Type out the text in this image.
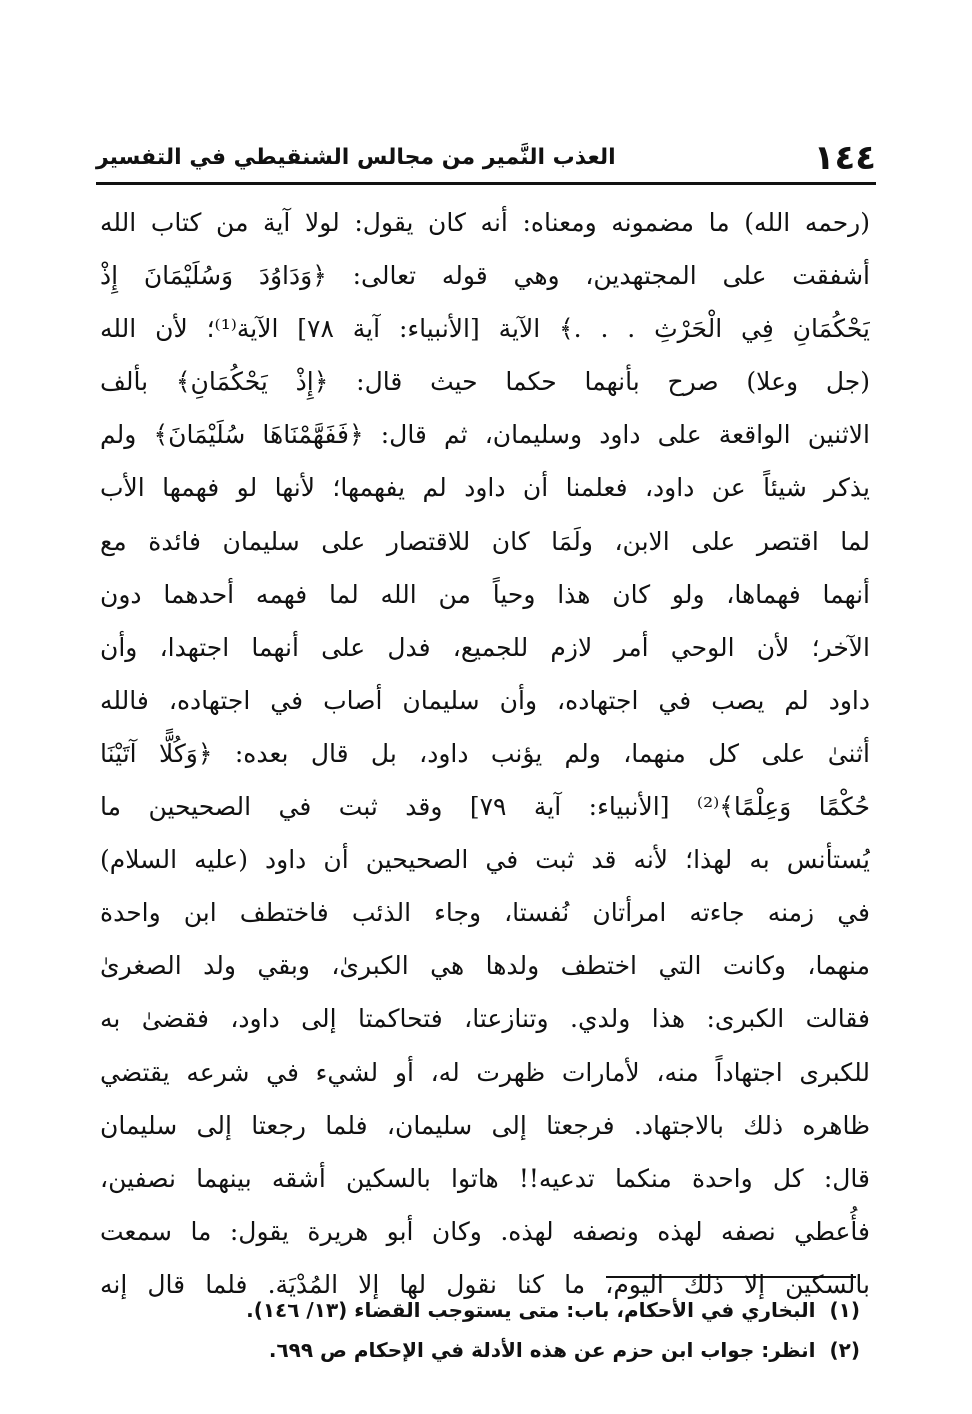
١٤٤
العذب النَّمير من مجالس الشنقيطي في التفسير
(رحمه الله) ما مضمونه ومعناه: أنه كان يقول: لولا آية من كتاب الله
أشفقت على المجتهدين، وهي قوله تعالى: ﴿وَدَاوُدَ وَسُلَيْمَانَ إِذْ
يَحْكُمَانِ فِي الْحَرْثِ . . .﴾ الآية [الأنبياء: آية ٧٨] الآية⁽¹⁾؛ لأن الله
(جل وعلا) صرح بأنهما حكما حيث قال: ﴿إِذْ يَحْكُمَانِ﴾ بألف
الاثنين الواقعة على داود وسليمان، ثم قال: ﴿فَفَهَّمْنَاهَا سُلَيْمَانَ﴾ ولم
يذكر شيئاً عن داود، فعلمنا أن داود لم يفهمها؛ لأنها لو فهمها الأب
لما اقتصر على الابن، ولَمَا كان للاقتصار على سليمان فائدة مع
أنهما فهماها، ولو كان هذا وحياً من الله لما فهمه أحدهما دون
الآخر؛ لأن الوحي أمر لازم للجميع، فدل على أنهما اجتهدا، وأن
داود لم يصب في اجتهاده، وأن سليمان أصاب في اجتهاده، فالله
أثنىٰ على كل منهما، ولم يؤنب داود، بل قال بعده: ﴿وَكُلًّا آتَيْنَا
حُكْمًا وَعِلْمًا﴾⁽²⁾ [الأنبياء: آية ٧٩] وقد ثبت في الصحيحين ما
يُستأنس به لهذا؛ لأنه قد ثبت في الصحيحين أن داود (عليه السلام)
في زمنه جاءته امرأتان نُفستا، وجاء الذئب فاختطف ابن واحدة
منهما، وكانت التي اختطف ولدها هي الكبرىٰ، وبقي ولد الصغرىٰ
فقالت الكبرى: هذا ولدي. وتنازعتا، فتحاكمتا إلى داود، فقضىٰ به
للكبرى اجتهاداً منه، لأمارات ظهرت له، أو لشيء في شرعه يقتضي
ظاهره ذلك بالاجتهاد. فرجعتا إلى سليمان، فلما رجعتا إلى سليمان
قال: كل واحدة منكما تدعيه!! هاتوا بالسكين أشقه بينهما نصفين،
فأُعطي نصفه لهذه ونصفه لهذه. وكان أبو هريرة يقول: ما سمعت
بالسكين إلا ذلك اليوم، ما كنا نقول لها إلا المُدْيَة. فلما قال إنه
(١)
البخاري في الأحكام، باب: متى يستوجب القضاء (١٣/ ١٤٦).
(٢)
انظر: جواب ابن حزم عن هذه الأدلة في الإحكام ص ٦٩٩.
